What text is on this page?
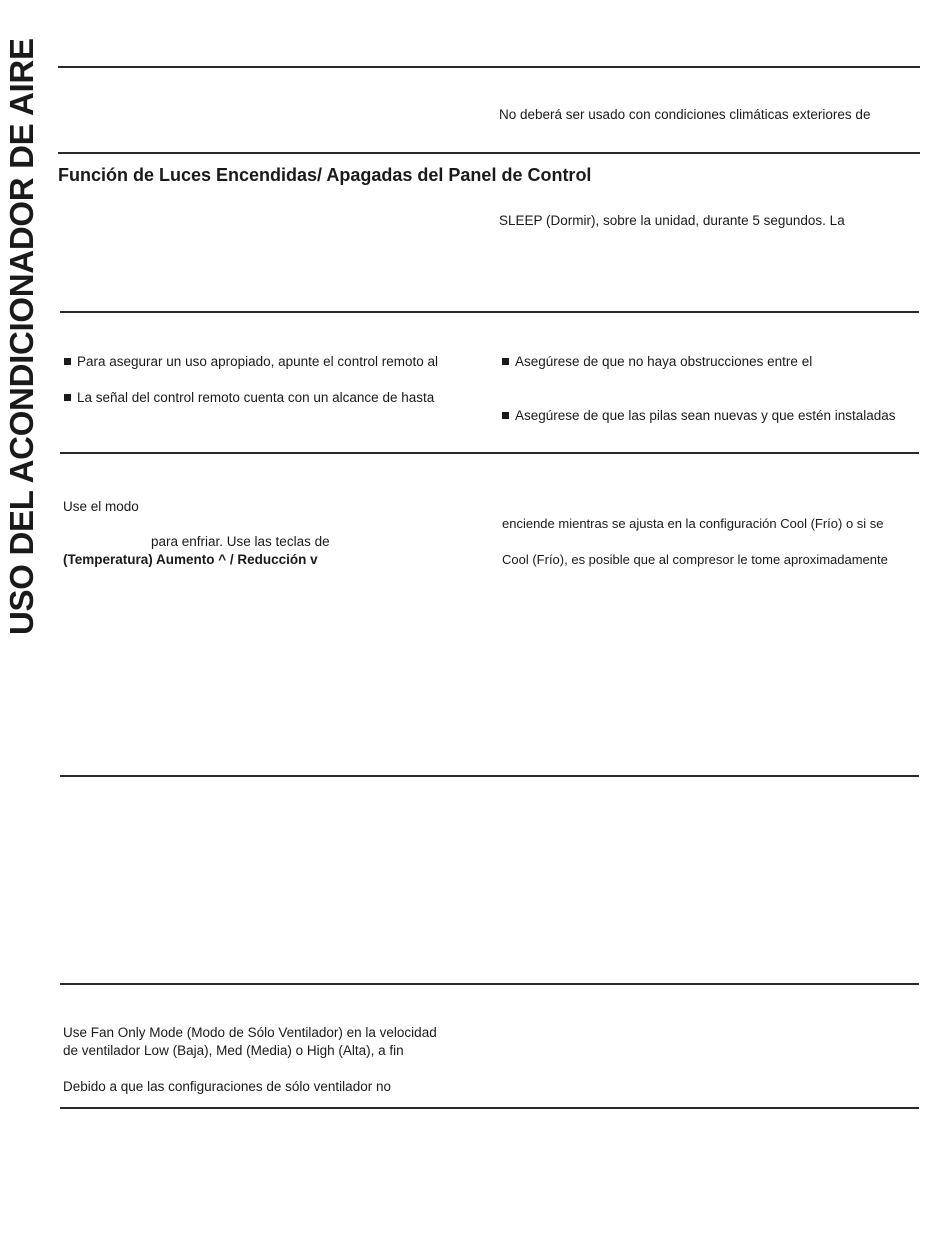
USO DEL ACONDICIONADOR DE AIRE	No deberá ser usado con condiciones climáticas exteriores de
Función de Luces Encendidas/ Apagadas del Panel de Control
SLEEP (Dormir), sobre la unidad, durante 5 segundos. La
Para asegurar un uso apropiado, apunte el control remoto al
La señal del control remoto cuenta con un alcance de hasta
Asegúrese de que no haya obstrucciones entre el
Asegúrese de que las pilas sean nuevas y que estén instaladas
Use el modo
para enfriar. Use las teclas de
(Temperatura) Aumento ^ / Reducción v
enciende mientras se ajusta en la configuración Cool (Frío) o si se
Cool (Frío), es posible que al compresor le tome aproximadamente
Use Fan Only Mode (Modo de Sólo Ventilador) en la velocidad
de ventilador Low (Baja), Med (Media) o High (Alta), a fin
Debido a que las configuraciones de sólo ventilador no
